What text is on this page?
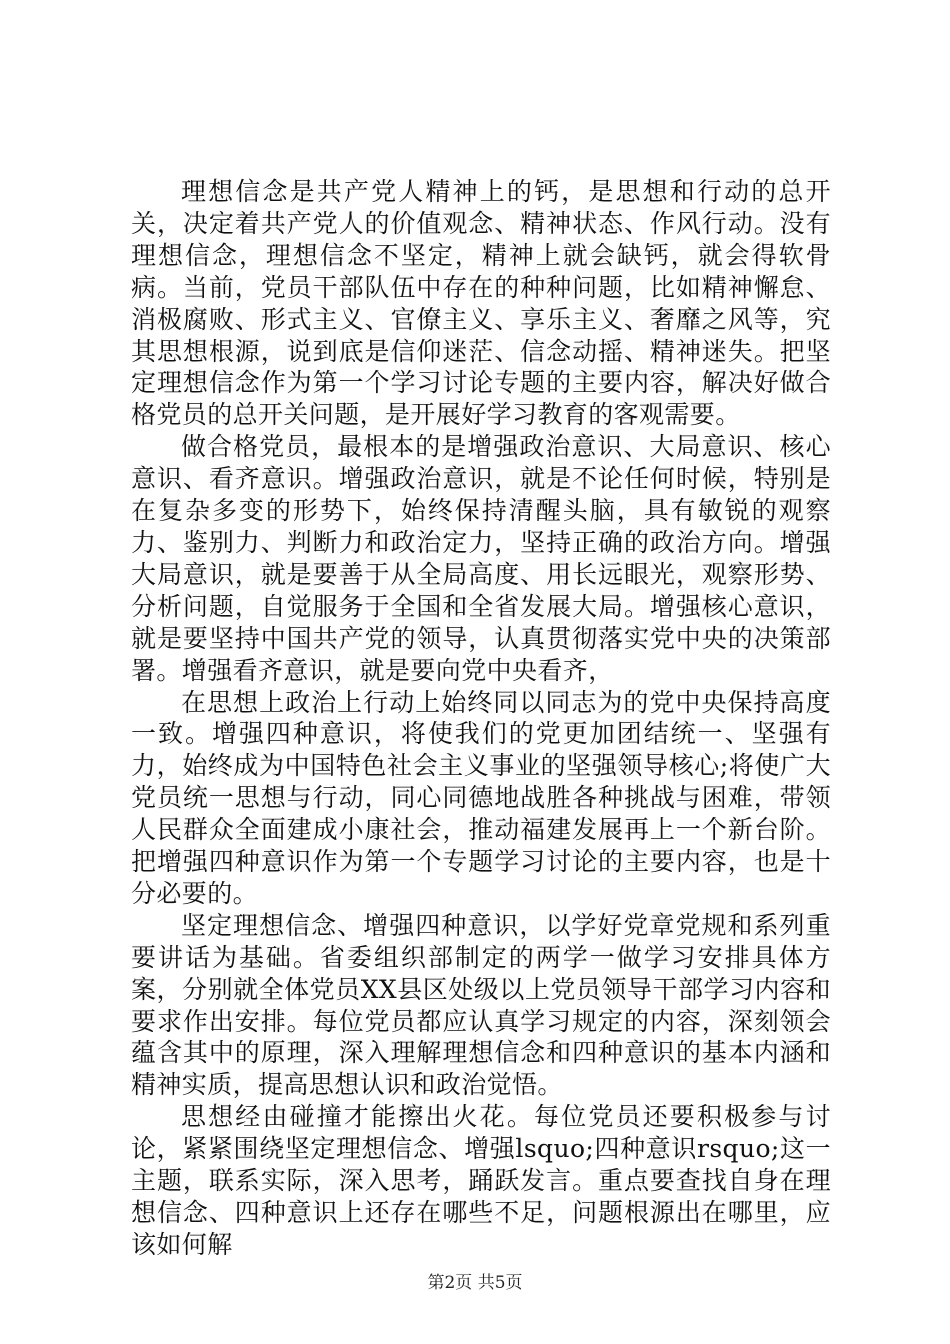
理想信念是共产党人精神上的钙，是思想和行动的总开关，决定着共产党人的价值观念、精神状态、作风行动。没有理想信念，理想信念不坚定，精神上就会缺钙，就会得软骨病。当前，党员干部队伍中存在的种种问题，比如精神懈怠、消极腐败、形式主义、官僚主义、享乐主义、奢靡之风等，究其思想根源，说到底是信仰迷茫、信念动摇、精神迷失。把坚定理想信念作为第一个学习讨论专题的主要内容，解决好做合格党员的总开关问题，是开展好学习教育的客观需要。

做合格党员，最根本的是增强政治意识、大局意识、核心意识、看齐意识。增强政治意识，就是不论任何时候，特别是在复杂多变的形势下，始终保持清醒头脑，具有敏锐的观察力、鉴别力、判断力和政治定力，坚持正确的政治方向。增强大局意识，就是要善于从全局高度、用长远眼光，观察形势、分析问题，自觉服务于全国和全省发展大局。增强核心意识，就是要坚持中国共产党的领导，认真贯彻落实党中央的决策部署。增强看齐意识，就是要向党中央看齐，

在思想上政治上行动上始终同以同志为的党中央保持高度一致。增强四种意识，将使我们的党更加团结统一、坚强有力，始终成为中国特色社会主义事业的坚强领导核心;将使广大党员统一思想与行动，同心同德地战胜各种挑战与困难，带领人民群众全面建成小康社会，推动福建发展再上一个新台阶。把增强四种意识作为第一个专题学习讨论的主要内容，也是十分必要的。

坚定理想信念、增强四种意识，以学好党章党规和系列重要讲话为基础。省委组织部制定的两学一做学习安排具体方案，分别就全体党员XX县区处级以上党员领导干部学习内容和要求作出安排。每位党员都应认真学习规定的内容，深刻领会蕴含其中的原理，深入理解理想信念和四种意识的基本内涵和精神实质，提高思想认识和政治觉悟。

思想经由碰撞才能擦出火花。每位党员还要积极参与讨论，紧紧围绕坚定理想信念、增强lsquo;四种意识rsquo;这一主题，联系实际，深入思考，踊跃发言。重点要查找自身在理想信念、四种意识上还存在哪些不足，问题根源出在哪里，应该如何解

第2页 共5页
